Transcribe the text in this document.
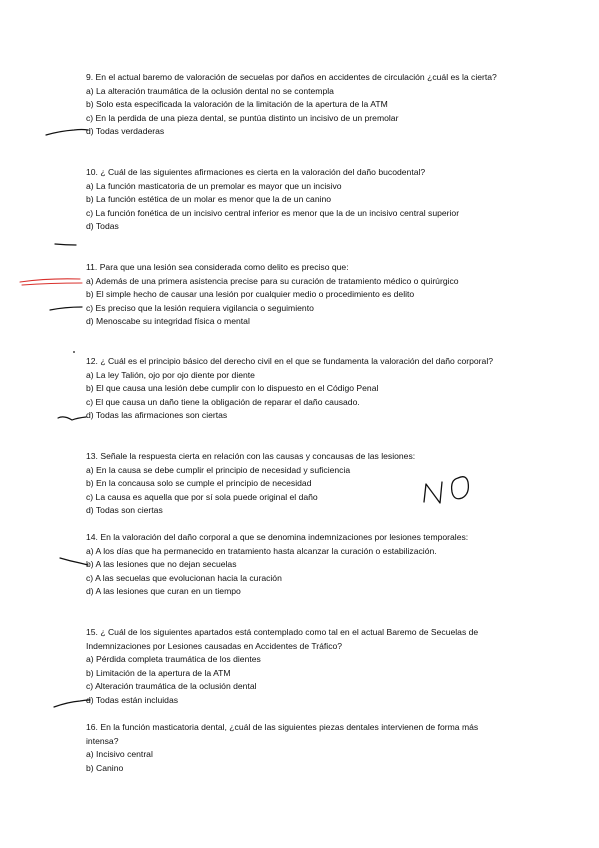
9. En el actual baremo de valoración de secuelas por daños en accidentes de circulación ¿cuál es la cierta?

a) La alteración traumática de la oclusión dental no se contempla

b) Solo esta especificada la valoración de la limitación de la apertura de la ATM

c) En la perdida de una pieza dental, se puntúa distinto un incisivo de un premolar

d) Todas verdaderas

10. ¿ Cuál de las siguientes afirmaciones es cierta en la valoración del daño bucodental?

a) La función masticatoria de un premolar es mayor que un incisivo

b) La función estética de un molar es menor que la de un canino

c) La función fonética de un incisivo central inferior es menor que la de un incisivo central superior

d) Todas

11. Para que una lesión sea considerada como delito es preciso que:

a) Además de una primera asistencia precise para su curación de tratamiento médico o quirúrgico

b) El simple hecho de causar una lesión por cualquier medio o procedimiento es delito

c) Es preciso que la lesión requiera vigilancia o seguimiento

d) Menoscabe su integridad física o mental

12. ¿ Cuál es el principio básico del derecho civil en el que se fundamenta la valoración del daño corporal?

a) La ley Talión, ojo por ojo diente por diente

b) El que causa una lesión debe cumplir con lo dispuesto en el Código Penal

c) El que causa un daño tiene la obligación de reparar el daño causado.

d) Todas las afirmaciones son ciertas

13. Señale la respuesta cierta en relación con las causas y concausas de las lesiones:

a) En la causa se debe cumplir el principio de necesidad y suficiencia

b) En la concausa solo se cumple el principio de necesidad

c) La causa es aquella que por sí sola puede original el daño

d) Todas son ciertas

14. En la valoración del daño corporal a que se denomina indemnizaciones por lesiones temporales:

a) A los días que ha permanecido en tratamiento hasta alcanzar la curación o estabilización.

b) A las lesiones que no dejan secuelas

c) A las secuelas que evolucionan hacia la curación

d) A las lesiones que curan en un tiempo

15. ¿ Cuál de los siguientes apartados está contemplado como tal en el actual Baremo de Secuelas de Indemnizaciones por Lesiones causadas en Accidentes de Tráfico?

a) Pérdida completa traumática de los dientes

b) Limitación de la apertura de la ATM

c) Alteración traumática de la oclusión dental

d) Todas están incluidas

16. En la función masticatoria dental, ¿cuál de las siguientes piezas dentales intervienen de forma más intensa?

a) Incisivo central

b) Canino
